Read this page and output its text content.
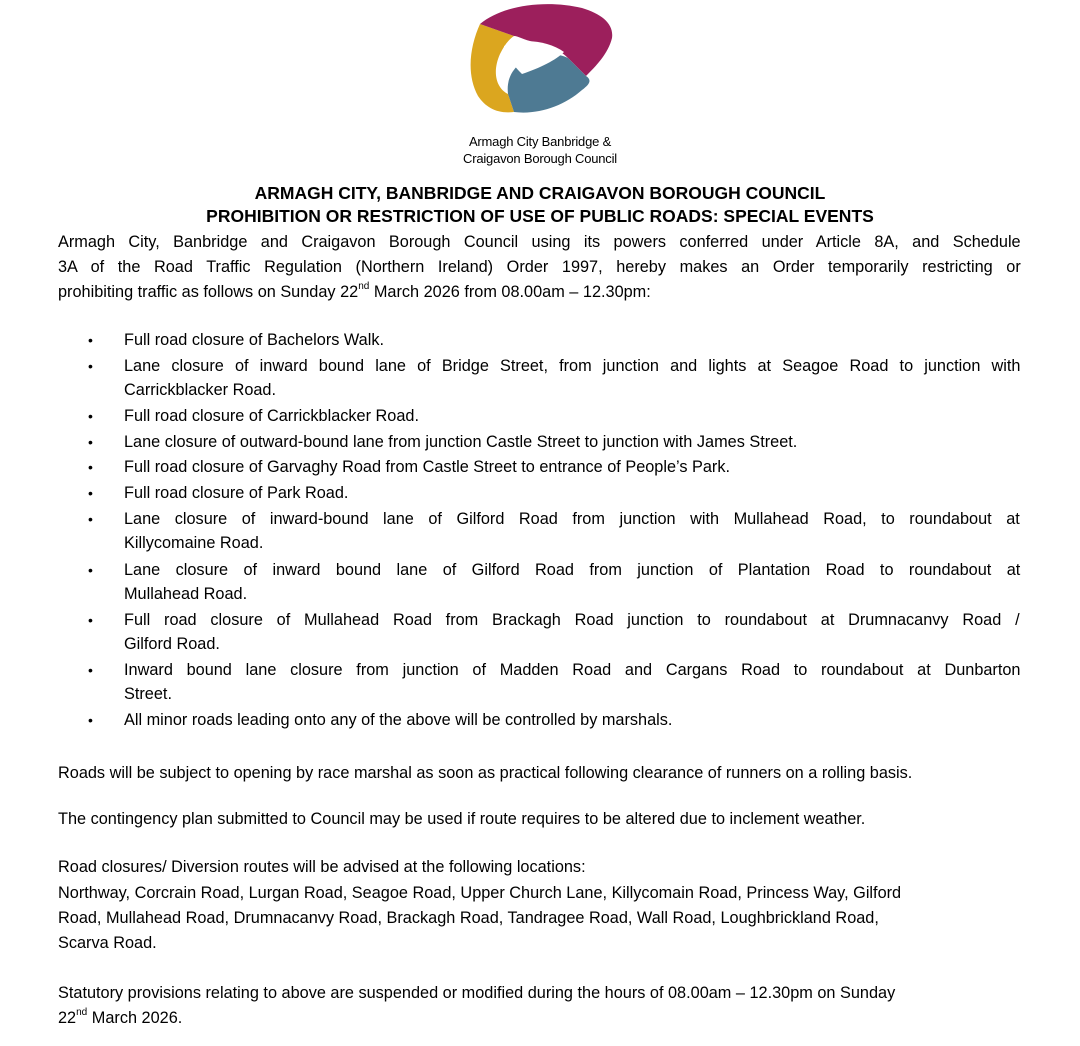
Armagh City Banbridge &
Craigavon Borough Council
ARMAGH CITY, BANBRIDGE AND CRAIGAVON BOROUGH COUNCIL
PROHIBITION OR RESTRICTION OF USE OF PUBLIC ROADS: SPECIAL EVENTS
Armagh City, Banbridge and Craigavon Borough Council using its powers conferred under Article 8A, and Schedule
3A of the Road Traffic Regulation (Northern Ireland) Order 1997, hereby makes an Order temporarily restricting or
prohibiting traffic as follows on Sunday 22nd March 2026 from 08.00am – 12.30pm:
• Full road closure of Bachelors Walk.
• Lane closure of inward bound lane of Bridge Street, from junction and lights at Seagoe Road to junction with
Carrickblacker Road.
• Full road closure of Carrickblacker Road.
• Lane closure of outward-bound lane from junction Castle Street to junction with James Street.
• Full road closure of Garvaghy Road from Castle Street to entrance of People’s Park.
• Full road closure of Park Road.
• Lane closure of inward-bound lane of Gilford Road from junction with Mullahead Road, to roundabout at
Killycomaine Road.
• Lane closure of inward bound lane of Gilford Road from junction of Plantation Road to roundabout at
Mullahead Road.
• Full road closure of Mullahead Road from Brackagh Road junction to roundabout at Drumnacanvy Road /
Gilford Road.
• Inward bound lane closure from junction of Madden Road and Cargans Road to roundabout at Dunbarton
Street.
• All minor roads leading onto any of the above will be controlled by marshals.
Roads will be subject to opening by race marshal as soon as practical following clearance of runners on a rolling basis.
The contingency plan submitted to Council may be used if route requires to be altered due to inclement weather.
Road closures/ Diversion routes will be advised at the following locations:
Northway, Corcrain Road, Lurgan Road, Seagoe Road, Upper Church Lane, Killycomain Road, Princess Way, Gilford
Road, Mullahead Road, Drumnacanvy Road, Brackagh Road, Tandragee Road, Wall Road, Loughbrickland Road,
Scarva Road.
Statutory provisions relating to above are suspended or modified during the hours of 08.00am – 12.30pm on Sunday
22nd March 2026.
